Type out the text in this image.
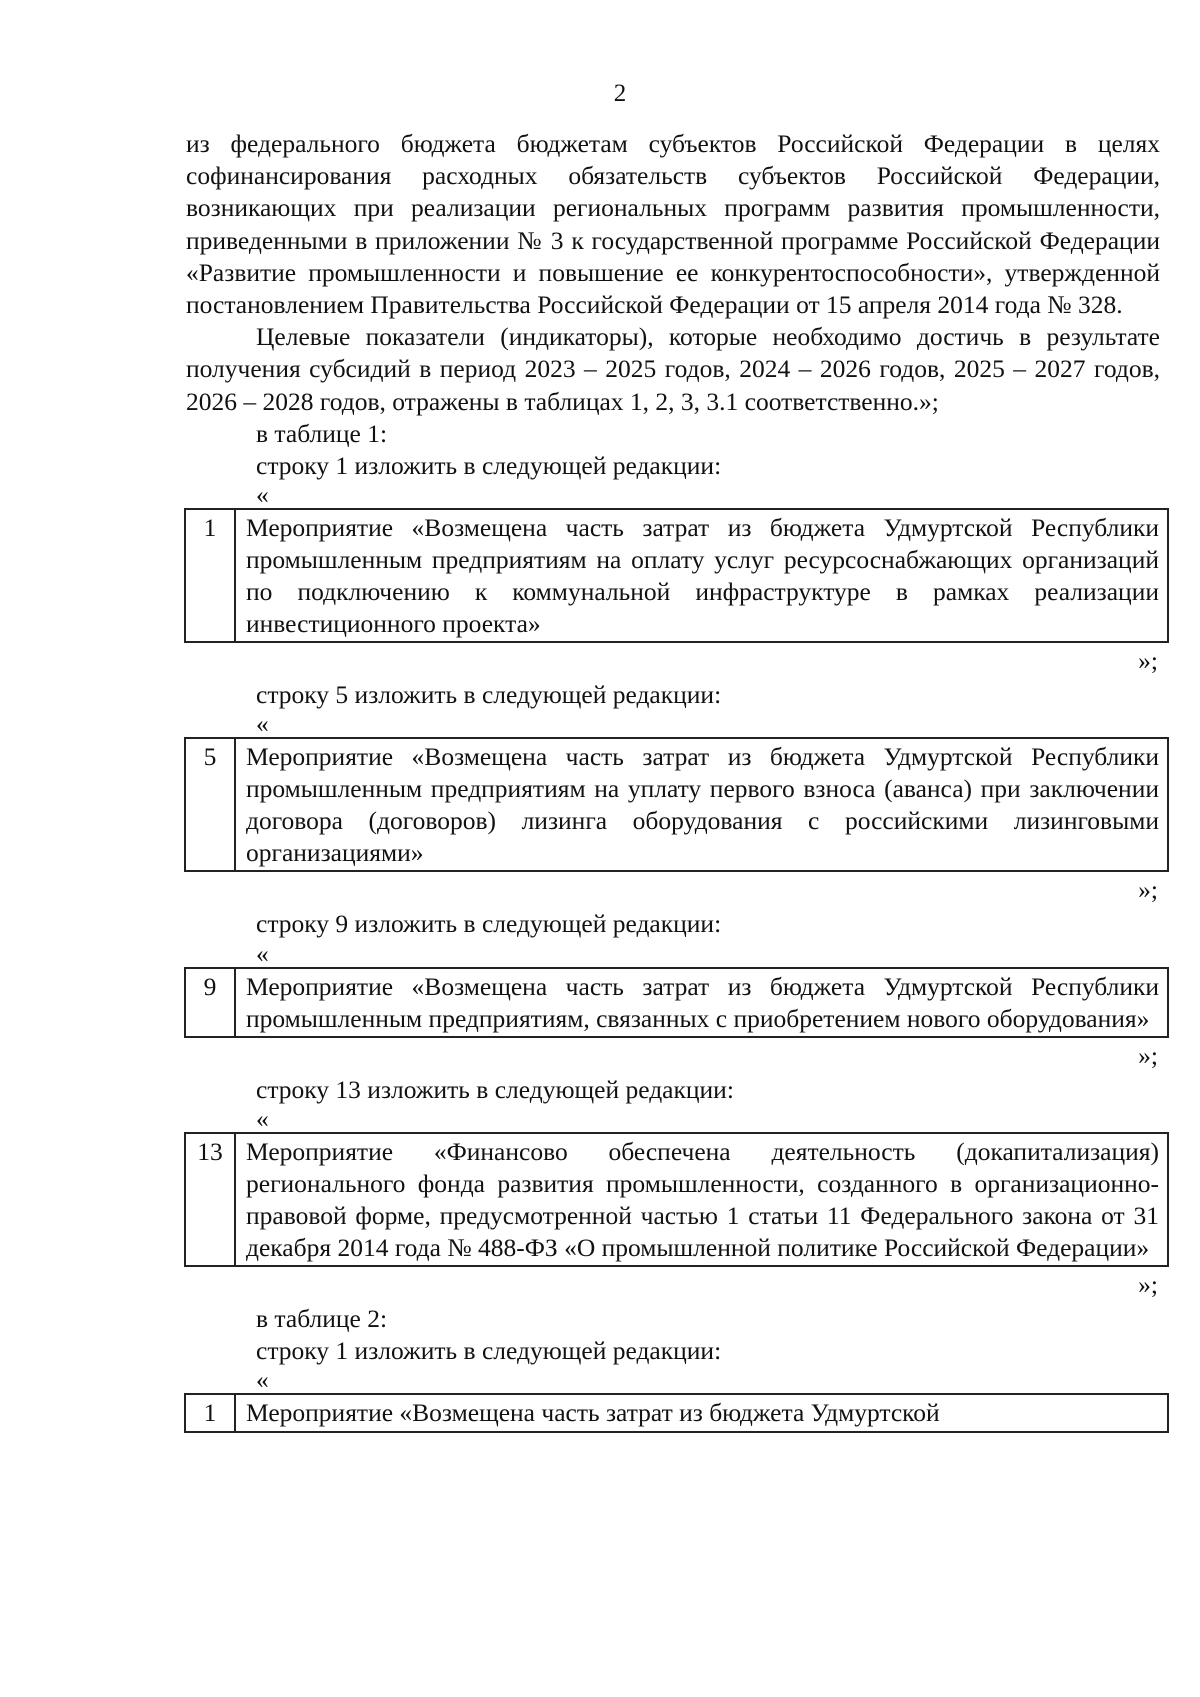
2

из федерального бюджета бюджетам субъектов Российской Федерации в целях софинансирования расходных обязательств субъектов Российской Федерации, возникающих при реализации региональных программ развития промышленности, приведенными в приложении № 3 к государственной программе Российской Федерации «Развитие промышленности и повышение ее конкурентоспособности», утвержденной постановлением Правительства Российской Федерации от 15 апреля 2014 года № 328.

Целевые показатели (индикаторы), которые необходимо достичь в результате получения субсидий в период 2023 – 2025 годов, 2024 – 2026 годов, 2025 – 2027 годов, 2026 – 2028 годов, отражены в таблицах 1, 2, 3, 3.1 соответственно.»;

в таблице 1:

строку 1 изложить в следующей редакции:

«

1	Мероприятие «Возмещена часть затрат из бюджета Удмуртской Республики промышленным предприятиям на оплату услуг ресурсоснабжающих организаций по подключению к коммунальной инфраструктуре в рамках реализации инвестиционного проекта»

»;

строку 5 изложить в следующей редакции:

«

5	Мероприятие «Возмещена часть затрат из бюджета Удмуртской Республики промышленным предприятиям на уплату первого взноса (аванса) при заключении договора (договоров) лизинга оборудования с российскими лизинговыми организациями»

»;

строку 9 изложить в следующей редакции:

«

9	Мероприятие «Возмещена часть затрат из бюджета Удмуртской Республики промышленным предприятиям, связанных с приобретением нового оборудования»

»;

строку 13 изложить в следующей редакции:

«

13	Мероприятие «Финансово обеспечена деятельность (докапитализация) регионального фонда развития промышленности, созданного в организационно-правовой форме, предусмотренной частью 1 статьи 11 Федерального закона от 31 декабря 2014 года № 488-ФЗ «О промышленной политике Российской Федерации»

»;

в таблице 2:

строку 1 изложить в следующей редакции:

«

1	Мероприятие «Возмещена часть затрат из бюджета Удмуртской
